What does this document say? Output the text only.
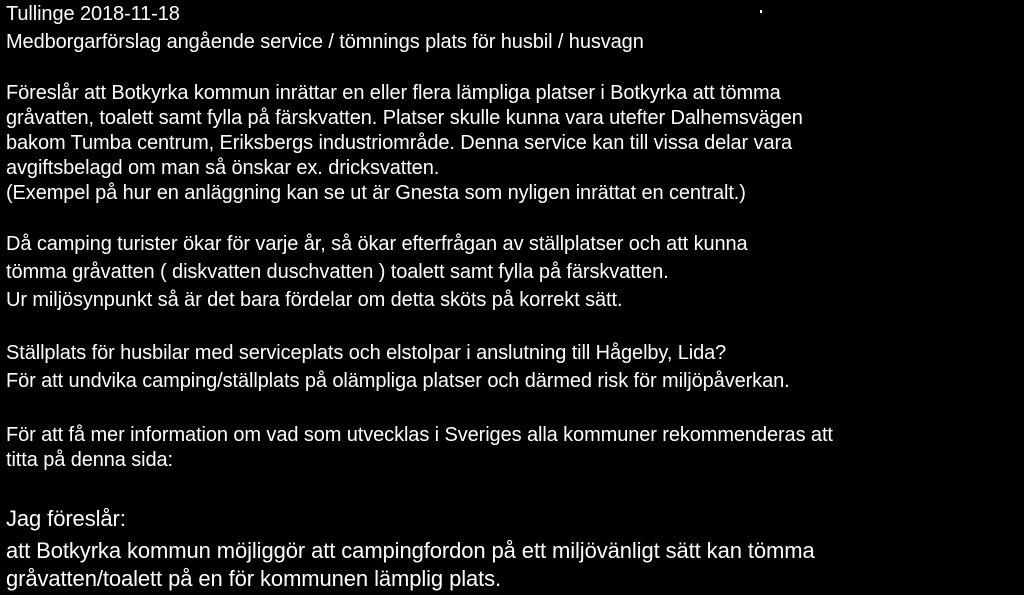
Tullinge 2018-11-18
Medborgarförslag angående service / tömnings plats för husbil / husvagn
Föreslår att Botkyrka kommun inrättar en eller flera lämpliga platser i Botkyrka att tömma
gråvatten, toalett samt fylla på färskvatten. Platser skulle kunna vara utefter Dalhemsvägen
bakom Tumba centrum, Eriksbergs industriområde. Denna service kan till vissa delar vara
avgiftsbelagd om man så önskar ex. dricksvatten.
(Exempel på hur en anläggning kan se ut är Gnesta som nyligen inrättat en centralt.)
Då camping turister ökar för varje år, så ökar efterfrågan av ställplatser och att kunna
tömma gråvatten ( diskvatten duschvatten ) toalett samt fylla på färskvatten.
Ur miljösynpunkt så är det bara fördelar om detta sköts på korrekt sätt.
Ställplats för husbilar med serviceplats och elstolpar i anslutning till Hågelby, Lida?
För att undvika camping/ställplats på olämpliga platser och därmed risk för miljöpåverkan.
För att få mer information om vad som utvecklas i Sveriges alla kommuner rekommenderas att
titta på denna sida:
Jag föreslår:
att Botkyrka kommun möjliggör att campingfordon på ett miljövänligt sätt kan tömma
gråvatten/toalett på en för kommunen lämplig plats.
